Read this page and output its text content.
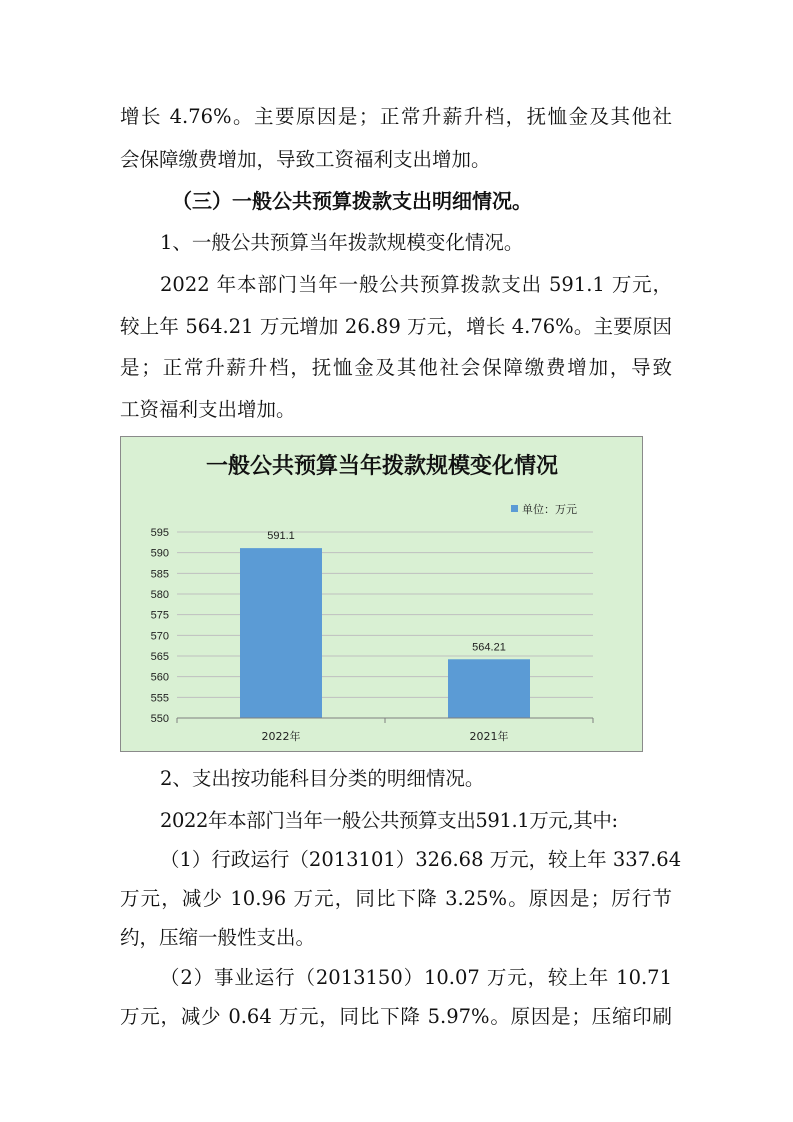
增长 4.76%。主要原因是；正常升薪升档，抚恤金及其他社
会保障缴费增加，导致工资福利支出增加。
（三）一般公共预算拨款支出明细情况。
1、一般公共预算当年拨款规模变化情况。
2022 年本部门当年一般公共预算拨款支出 591.1 万元，
较上年 564.21 万元增加 26.89 万元，增长 4.76%。主要原因
是；正常升薪升档，抚恤金及其他社会保障缴费增加，导致
工资福利支出增加。
一般公共预算当年拨款规模变化情况
单位：万元
595
590
585
580
575
570
565
560
555
550
591.1
564.21
2022年	2021年
2、支出按功能科目分类的明细情况。
2022年本部门当年一般公共预算支出591.1万元,其中:
（1）行政运行（2013101）326.68 万元，较上年 337.64
万元，减少 10.96 万元，同比下降 3.25%。原因是；厉行节
约，压缩一般性支出。
（2）事业运行（2013150）10.07 万元，较上年 10.71
万元，减少 0.64 万元，同比下降 5.97%。原因是；压缩印刷
